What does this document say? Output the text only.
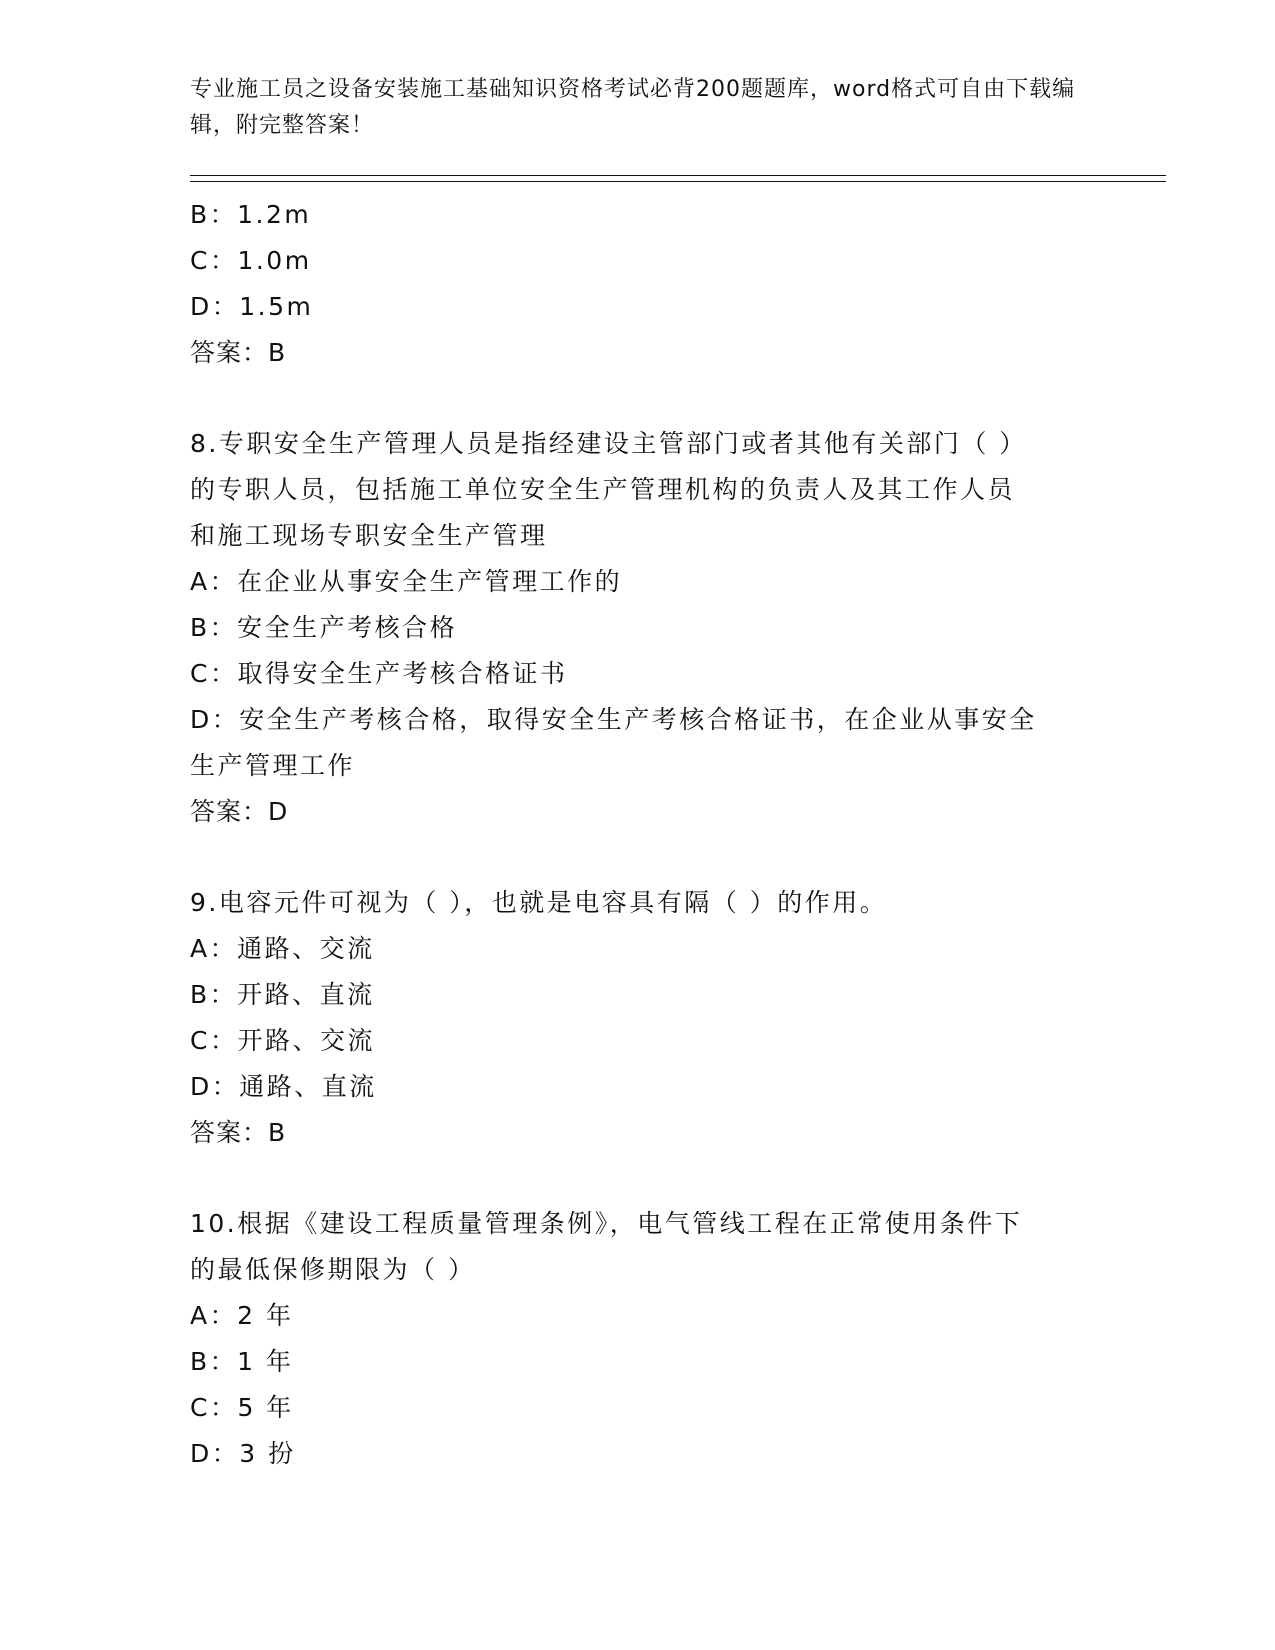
专业施工员之设备安装施工基础知识资格考试必背200题题库，word格式可自由下载编辑，附完整答案！
B：1.2m
C：1.0m
D：1.5m
答案：B
8.专职安全生产管理人员是指经建设主管部门或者其他有关部门（ ）
的专职人员，包括施工单位安全生产管理机构的负责人及其工作人员
和施工现场专职安全生产管理
A：在企业从事安全生产管理工作的
B：安全生产考核合格
C：取得安全生产考核合格证书
D：安全生产考核合格，取得安全生产考核合格证书，在企业从事安全
生产管理工作
答案：D
9.电容元件可视为（ ），也就是电容具有隔（ ）的作用。
A：通路、交流
B：开路、直流
C：开路、交流
D：通路、直流
答案：B
10.根据《建设工程质量管理条例》，电气管线工程在正常使用条件下
的最低保修期限为（ ）
A：2 年
B：1 年
C：5 年
D：3 扮
